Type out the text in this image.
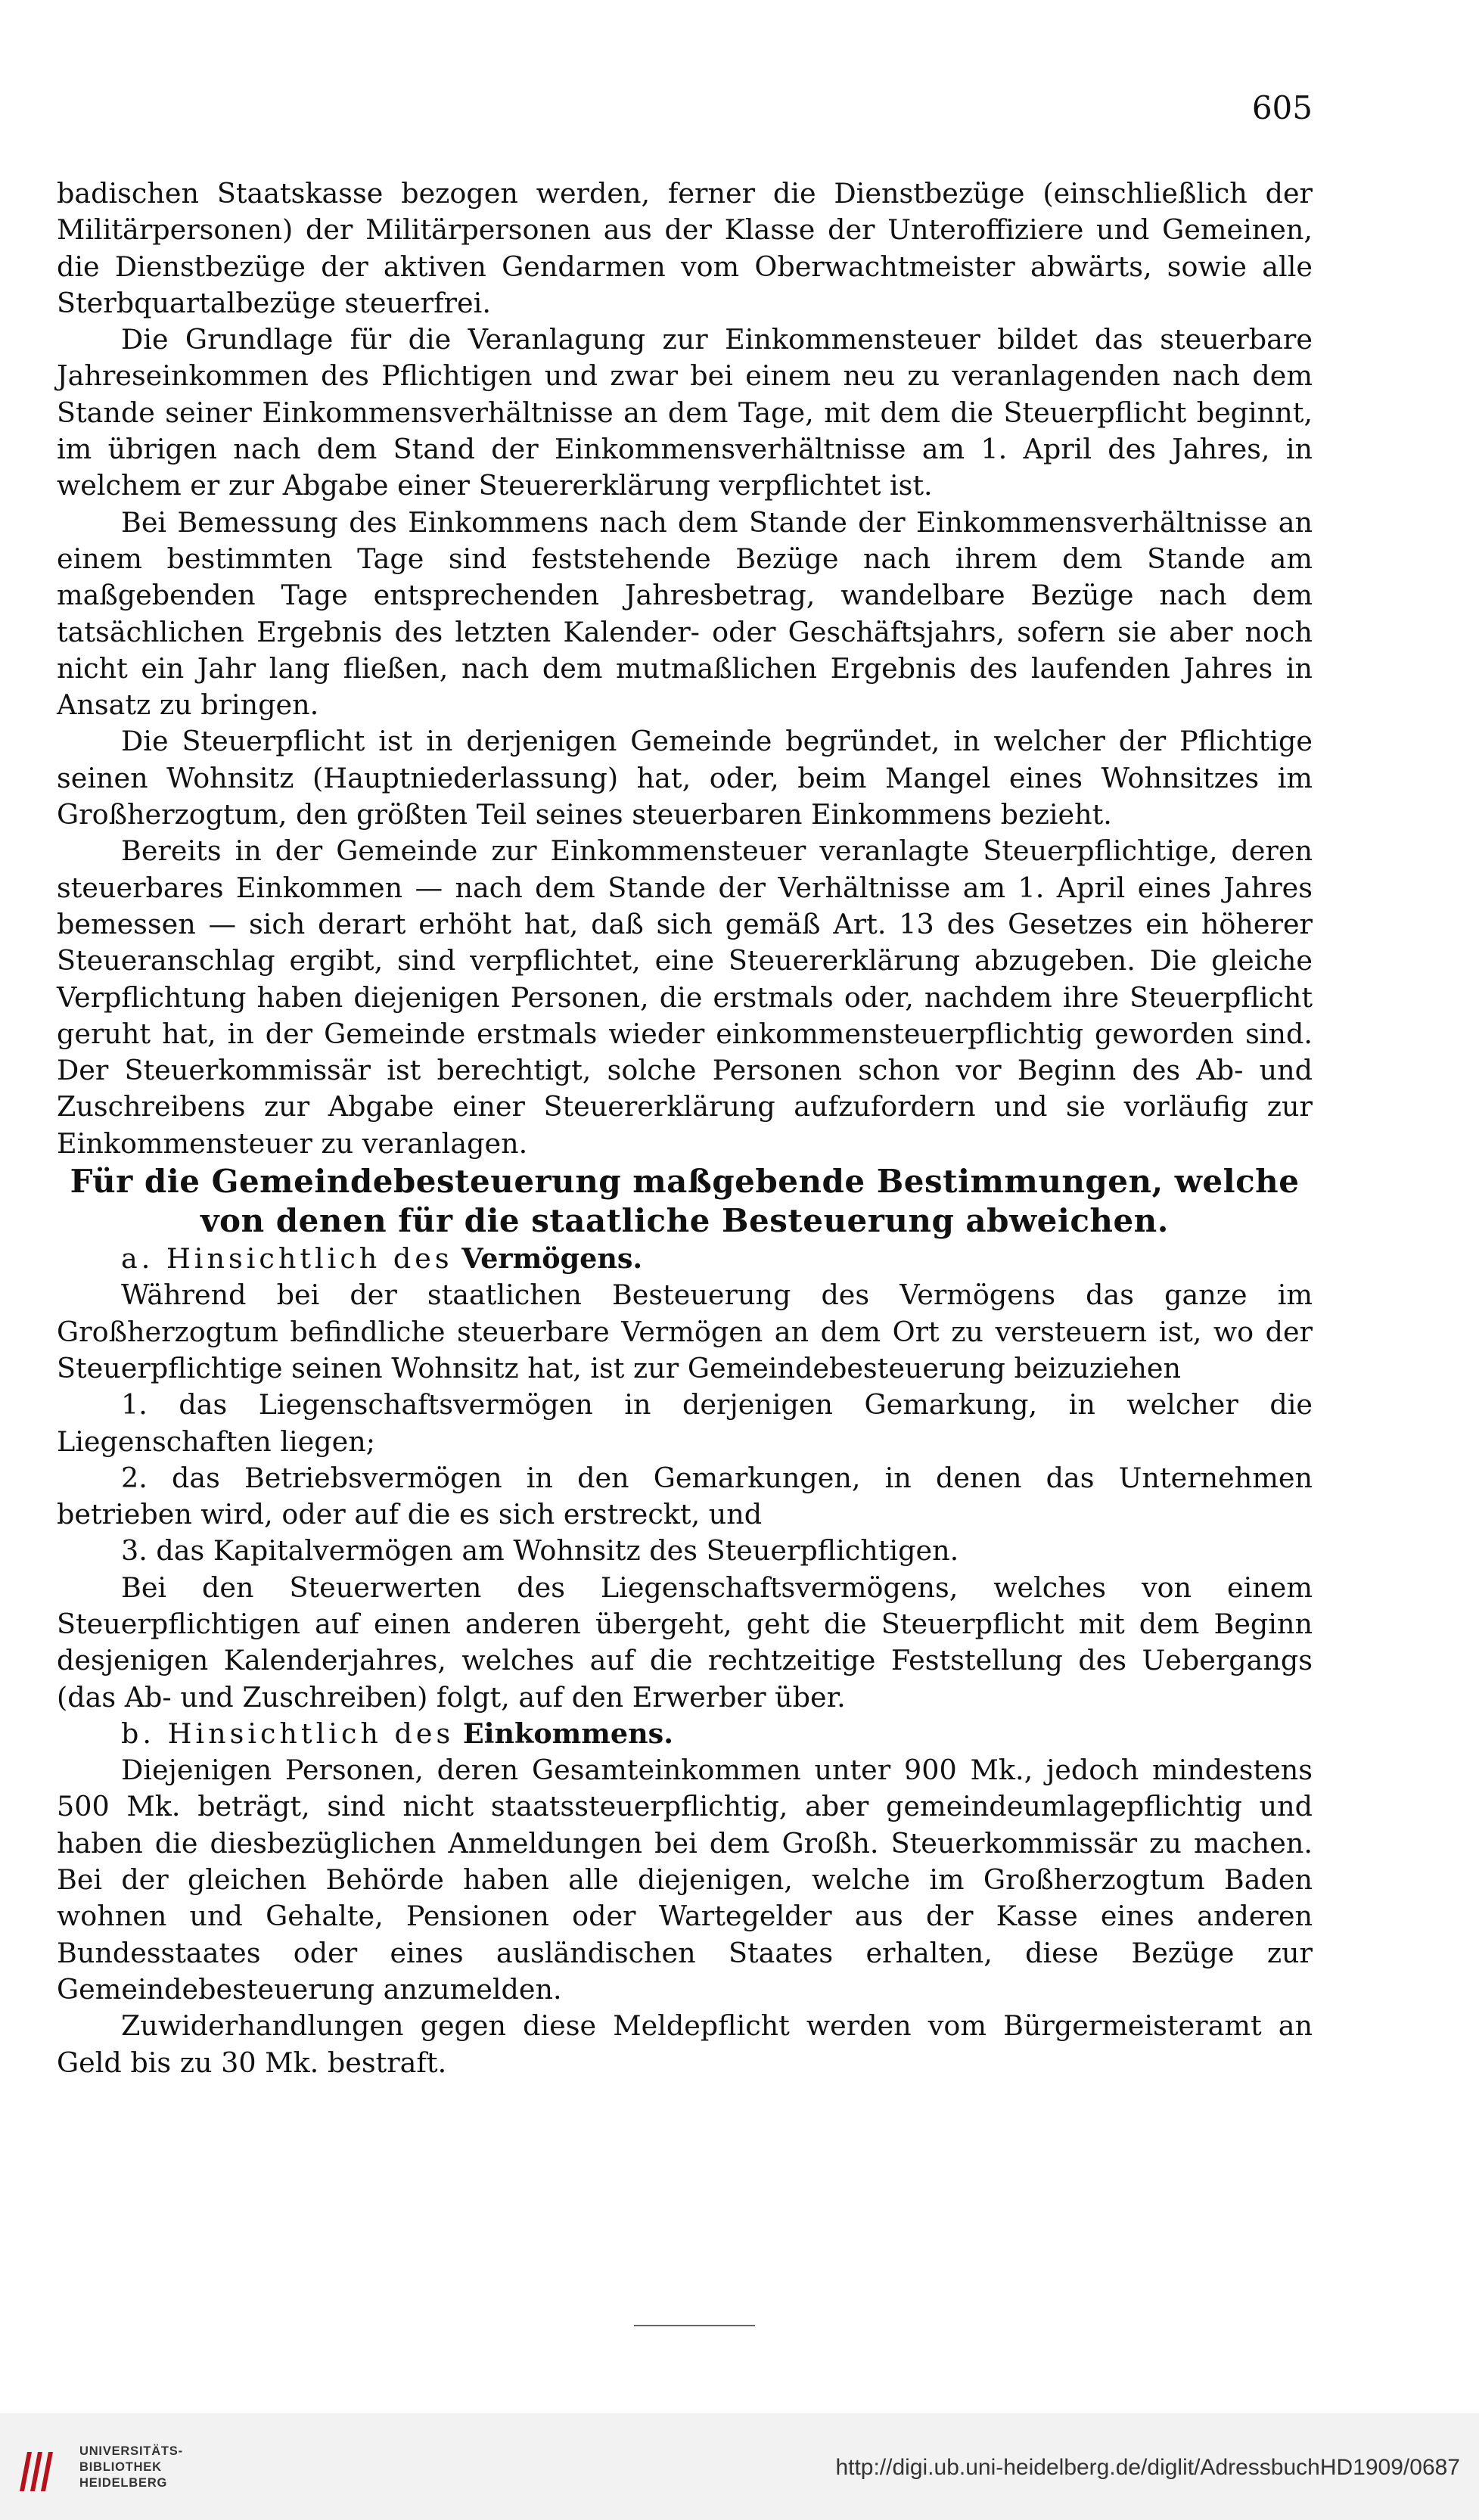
605

badischen Staatskasse bezogen werden, ferner die Dienstbezüge (einschließlich der Militärpersonen) der Militärpersonen aus der Klasse der Unteroffiziere und Gemeinen, die Dienstbezüge der aktiven Gendarmen vom Oberwachtmeister abwärts, sowie alle Sterbquartalbezüge steuerfrei.

Die Grundlage für die Veranlagung zur Einkommensteuer bildet das steuerbare Jahreseinkommen des Pflichtigen und zwar bei einem neu zu veranlagenden nach dem Stande seiner Einkommensverhältnisse an dem Tage, mit dem die Steuerpflicht beginnt, im übrigen nach dem Stand der Einkommensverhältnisse am 1. April des Jahres, in welchem er zur Abgabe einer Steuererklärung verpflichtet ist.

Bei Bemessung des Einkommens nach dem Stande der Einkommensverhältnisse an einem bestimmten Tage sind feststehende Bezüge nach ihrem dem Stande am maßgebenden Tage entsprechenden Jahresbetrag, wandelbare Bezüge nach dem tatsächlichen Ergebnis des letzten Kalender- oder Geschäftsjahrs, sofern sie aber noch nicht ein Jahr lang fließen, nach dem mutmaßlichen Ergebnis des laufenden Jahres in Ansatz zu bringen.

Die Steuerpflicht ist in derjenigen Gemeinde begründet, in welcher der Pflichtige seinen Wohnsitz (Hauptniederlassung) hat, oder, beim Mangel eines Wohnsitzes im Großherzogtum, den größten Teil seines steuerbaren Einkommens bezieht.

Bereits in der Gemeinde zur Einkommensteuer veranlagte Steuerpflichtige, deren steuerbares Einkommen — nach dem Stande der Verhältnisse am 1. April eines Jahres bemessen — sich derart erhöht hat, daß sich gemäß Art. 13 des Gesetzes ein höherer Steueranschlag ergibt, sind verpflichtet, eine Steuererklärung abzugeben. Die gleiche Verpflichtung haben diejenigen Personen, die erstmals oder, nachdem ihre Steuerpflicht geruht hat, in der Gemeinde erstmals wieder einkommensteuerpflichtig geworden sind. Der Steuerkommissär ist berechtigt, solche Personen schon vor Beginn des Ab- und Zuschreibens zur Abgabe einer Steuererklärung aufzufordern und sie vorläufig zur Einkommensteuer zu veranlagen.

Für die Gemeindebesteuerung maßgebende Bestimmungen, welche von denen für die staatliche Besteuerung abweichen.

a. Hinsichtlich des Vermögens.

Während bei der staatlichen Besteuerung des Vermögens das ganze im Großherzogtum befindliche steuerbare Vermögen an dem Ort zu versteuern ist, wo der Steuerpflichtige seinen Wohnsitz hat, ist zur Gemeindebesteuerung beizuziehen

1. das Liegenschaftsvermögen in derjenigen Gemarkung, in welcher die Liegenschaften liegen;

2. das Betriebsvermögen in den Gemarkungen, in denen das Unternehmen betrieben wird, oder auf die es sich erstreckt, und

3. das Kapitalvermögen am Wohnsitz des Steuerpflichtigen.

Bei den Steuerwerten des Liegenschaftsvermögens, welches von einem Steuerpflichtigen auf einen anderen übergeht, geht die Steuerpflicht mit dem Beginn desjenigen Kalenderjahres, welches auf die rechtzeitige Feststellung des Uebergangs (das Ab- und Zuschreiben) folgt, auf den Erwerber über.

b. Hinsichtlich des Einkommens.

Diejenigen Personen, deren Gesamteinkommen unter 900 Mk., jedoch mindestens 500 Mk. beträgt, sind nicht staatssteuerpflichtig, aber gemeindeumlagepflichtig und haben die diesbezüglichen Anmeldungen bei dem Großh. Steuerkommissär zu machen. Bei der gleichen Behörde haben alle diejenigen, welche im Großherzogtum Baden wohnen und Gehalte, Pensionen oder Wartegelder aus der Kasse eines anderen Bundesstaates oder eines ausländischen Staates erhalten, diese Bezüge zur Gemeindebesteuerung anzumelden.

Zuwiderhandlungen gegen diese Meldepflicht werden vom Bürgermeisteramt an Geld bis zu 30 Mk. bestraft.

UNIVERSITÄTS-
BIBLIOTHEK
HEIDELBERG
http://digi.ub.uni-heidelberg.de/diglit/AdressbuchHD1909/0687
